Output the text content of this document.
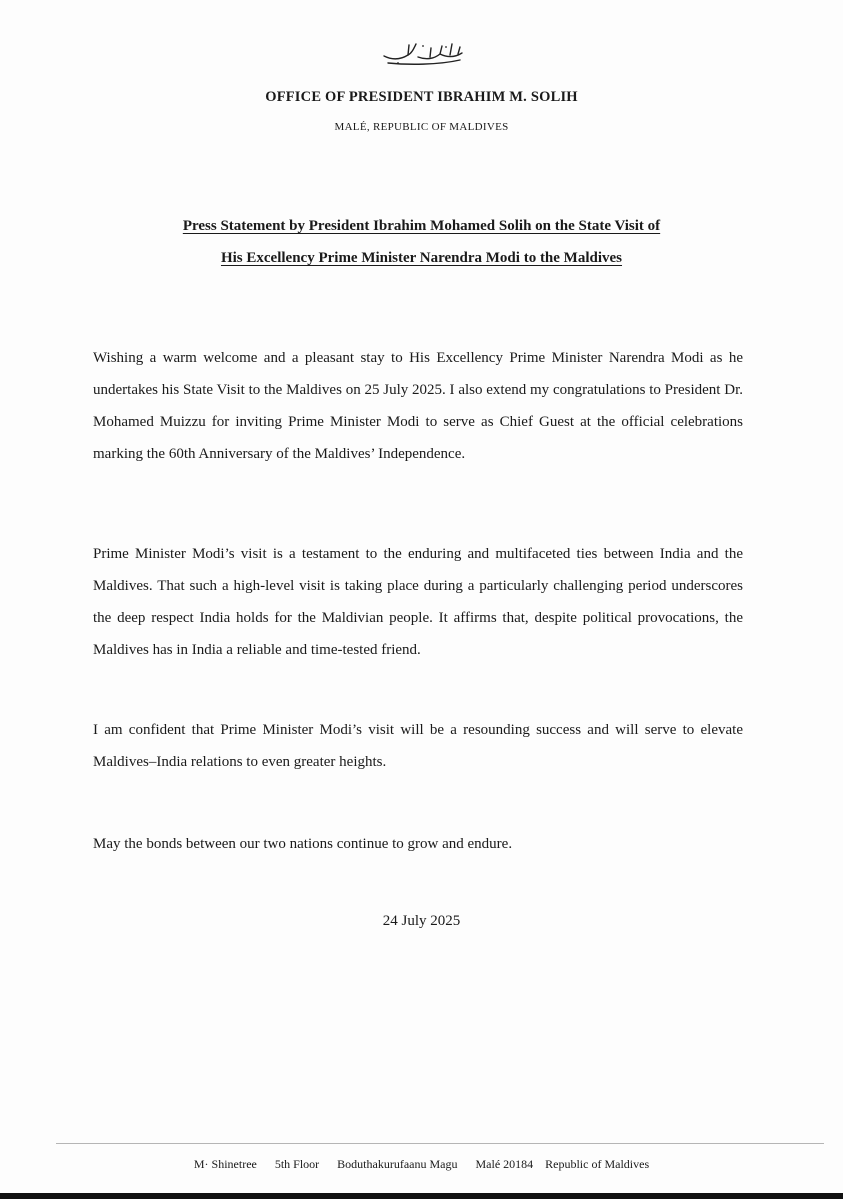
OFFICE OF PRESIDENT IBRAHIM M. SOLIH
MALÉ, REPUBLIC OF MALDIVES
Press Statement by President Ibrahim Mohamed Solih on the State Visit of
His Excellency Prime Minister Narendra Modi to the Maldives

Wishing a warm welcome and a pleasant stay to His Excellency Prime Minister Narendra Modi as he undertakes his State Visit to the Maldives on 25 July 2025. I also extend my congratulations to President Dr. Mohamed Muizzu for inviting Prime Minister Modi to serve as Chief Guest at the official celebrations marking the 60th Anniversary of the Maldives’ Independence.

Prime Minister Modi’s visit is a testament to the enduring and multifaceted ties between India and the Maldives. That such a high-level visit is taking place during a particularly challenging period underscores the deep respect India holds for the Maldivian people. It affirms that, despite political provocations, the Maldives has in India a reliable and time-tested friend.

I am confident that Prime Minister Modi’s visit will be a resounding success and will serve to elevate Maldives–India relations to even greater heights.

May the bonds between our two nations continue to grow and endure.

24 July 2025
M· Shinetree      5th Floor      Boduthakurufaanu Magu      Malé 20184    Republic of Maldives
